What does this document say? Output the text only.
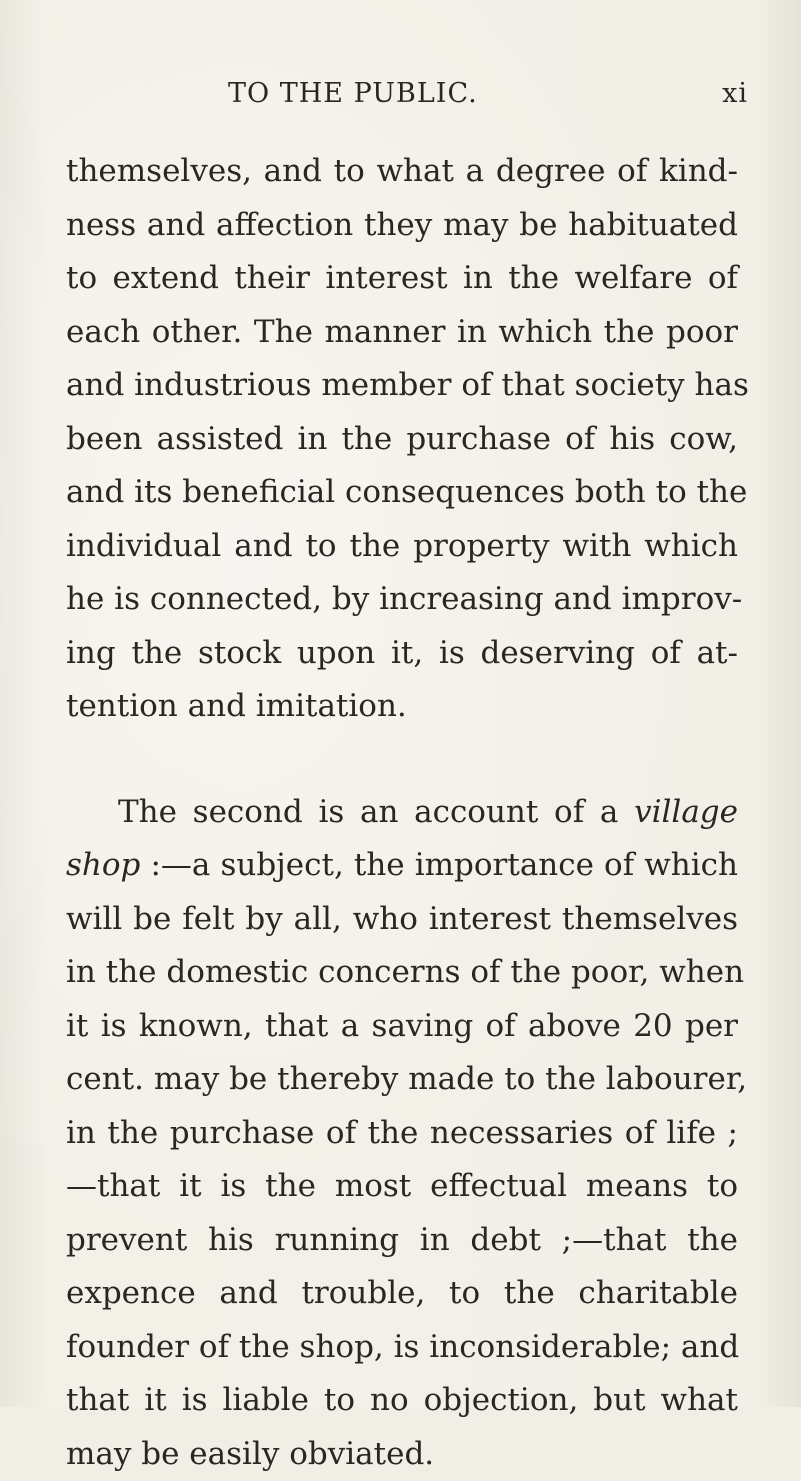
TO THE PUBLIC.	xi
themselves, and to what a degree of kind-
ness and affection they may be habituated
to extend their interest in the welfare of
each other. The manner in which the poor
and industrious member of that society has
been assisted in the purchase of his cow,
and its beneficial consequences both to the
individual and to the property with which
he is connected, by increasing and improv-
ing the stock upon it, is deserving of at-
tention and imitation.
The second is an account of a village
shop :—a subject, the importance of which
will be felt by all, who interest themselves
in the domestic concerns of the poor, when
it is known, that a saving of above 20 per
cent. may be thereby made to the labourer,
in the purchase of the necessaries of life ;
—that it is the most effectual means to
prevent his running in debt ;—that the
expence and trouble, to the charitable
founder of the shop, is inconsiderable; and
that it is liable to no objection, but what
may be easily obviated.
